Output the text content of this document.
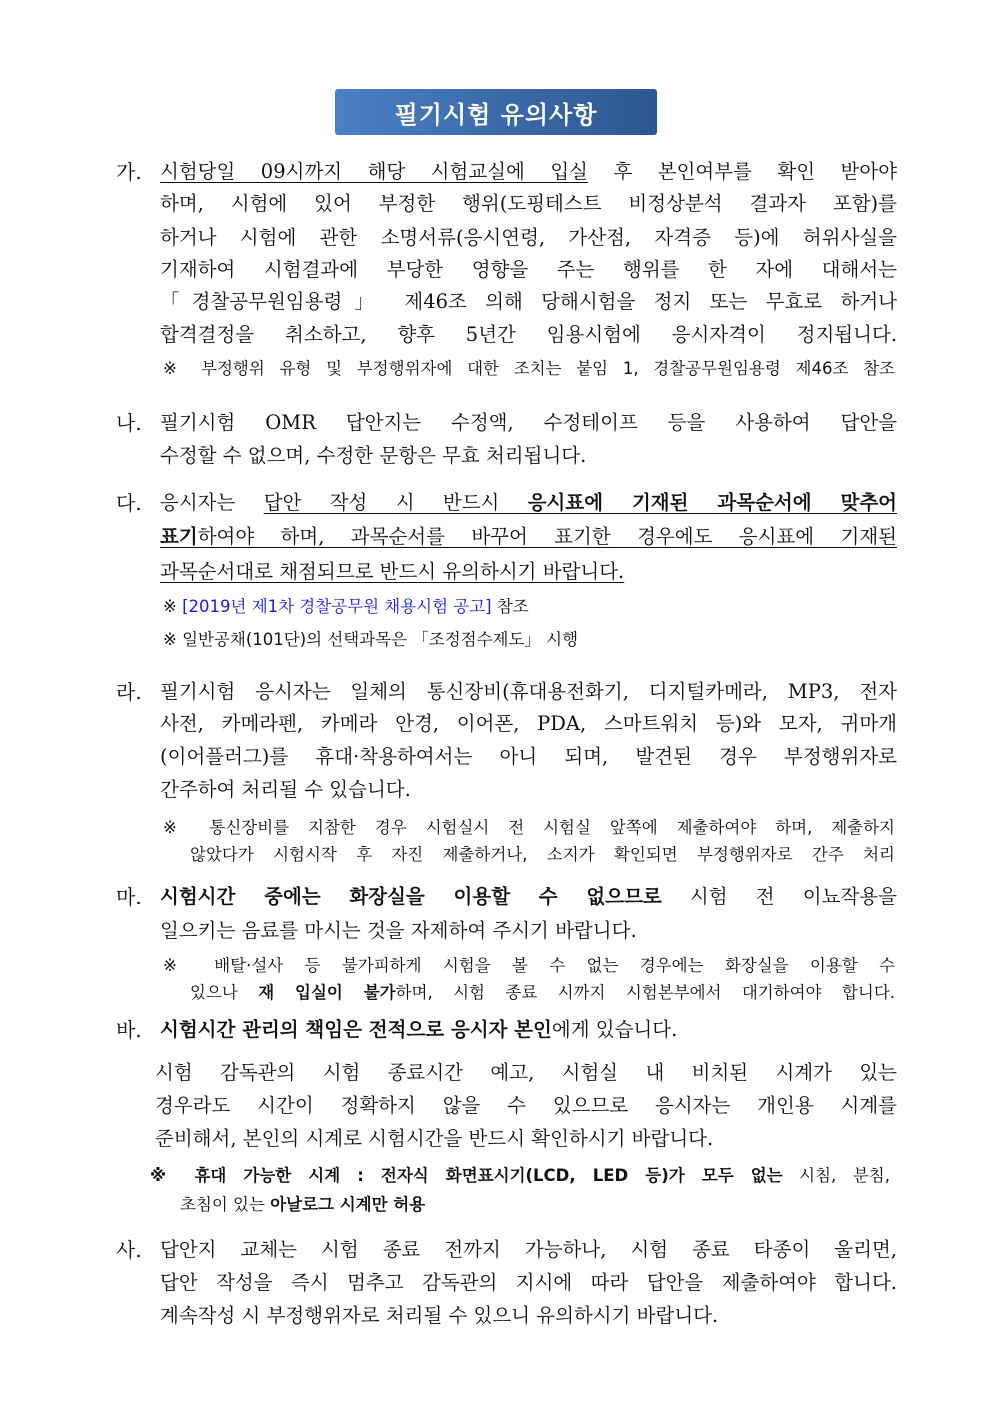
필기시험 유의사항
가. 시험당일 09시까지 해당 시험교실에 입실 후 본인여부를 확인 받아야
하며, 시험에 있어 부정한 행위(도핑테스트 비정상분석 결과자 포함)를
하거나 시험에 관한 소명서류(응시연령, 가산점, 자격증 등)에 허위사실을
기재하여 시험결과에 부당한 영향을 주는 행위를 한 자에 대해서는
「경찰공무원임용령」 제46조 의해 당해시험을 정지 또는 무효로 하거나
합격결정을 취소하고, 향후 5년간 임용시험에 응시자격이 정지됩니다.
※ 부정행위 유형 및 부정행위자에 대한 조치는 붙임 1, 경찰공무원임용령 제46조 참조
나. 필기시험 OMR 답안지는 수정액, 수정테이프 등을 사용하여 답안을
수정할 수 없으며, 수정한 문항은 무효 처리됩니다.
다. 응시자는 답안 작성 시 반드시 응시표에 기재된 과목순서에 맞추어
표기하여야 하며, 과목순서를 바꾸어 표기한 경우에도 응시표에 기재된
과목순서대로 채점되므로 반드시 유의하시기 바랍니다.
※ [2019년 제1차 경찰공무원 채용시험 공고] 참조
※ 일반공채(101단)의 선택과목은 「조정점수제도」 시행
라. 필기시험 응시자는 일체의 통신장비(휴대용전화기, 디지털카메라, MP3, 전자
사전, 카메라펜, 카메라 안경, 이어폰, PDA, 스마트워치 등)와 모자, 귀마개
(이어플러그)를 휴대·착용하여서는 아니 되며, 발견된 경우 부정행위자로
간주하여 처리될 수 있습니다.
※ 통신장비를 지참한 경우 시험실시 전 시험실 앞쪽에 제출하여야 하며, 제출하지
않았다가 시험시작 후 자진 제출하거나, 소지가 확인되면 부정행위자로 간주 처리
마. 시험시간 중에는 화장실을 이용할 수 없으므로 시험 전 이뇨작용을
일으키는 음료를 마시는 것을 자제하여 주시기 바랍니다.
※ 배탈·설사 등 불가피하게 시험을 볼 수 없는 경우에는 화장실을 이용할 수
있으나 재 입실이 불가하며, 시험 종료 시까지 시험본부에서 대기하여야 합니다.
바. 시험시간 관리의 책임은 전적으로 응시자 본인에게 있습니다.
시험 감독관의 시험 종료시간 예고, 시험실 내 비치된 시계가 있는
경우라도 시간이 정확하지 않을 수 있으므로 응시자는 개인용 시계를
준비해서, 본인의 시계로 시험시간을 반드시 확인하시기 바랍니다.
※ 휴대 가능한 시계 : 전자식 화면표시기(LCD, LED 등)가 모두 없는 시침, 분침,
초침이 있는 아날로그 시계만 허용
사. 답안지 교체는 시험 종료 전까지 가능하나, 시험 종료 타종이 울리면,
답안 작성을 즉시 멈추고 감독관의 지시에 따라 답안을 제출하여야 합니다.
계속작성 시 부정행위자로 처리될 수 있으니 유의하시기 바랍니다.
